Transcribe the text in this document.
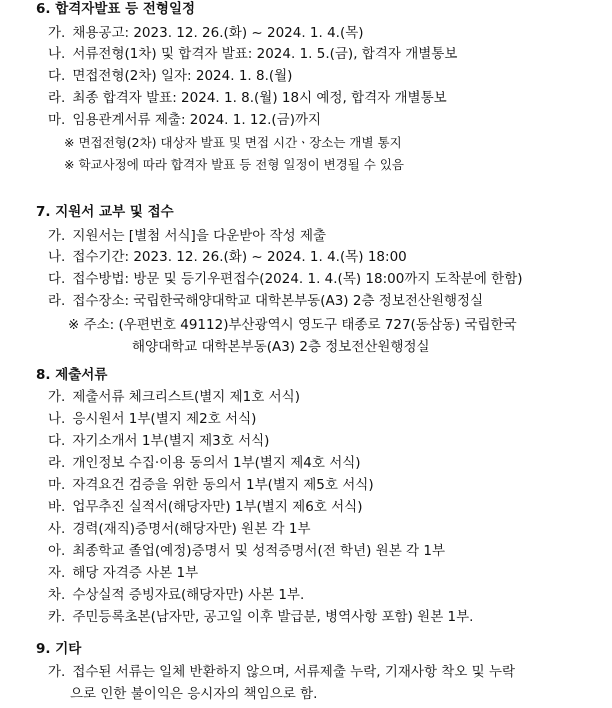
6. 합격자발표 등 전형일정
가. 채용공고: 2023. 12. 26.(화) ~ 2024. 1. 4.(목)
나. 서류전형(1차) 및 합격자 발표: 2024. 1. 5.(금), 합격자 개별통보
다. 면접전형(2차) 일자: 2024. 1. 8.(월)
라. 최종 합격자 발표: 2024. 1. 8.(월) 18시 예정, 합격자 개별통보
마. 임용관계서류 제출: 2024. 1. 12.(금)까지
※ 면접전형(2차) 대상자 발표 및 면접 시간ㆍ장소는 개별 통지
※ 학교사정에 따라 합격자 발표 등 전형 일정이 변경될 수 있음
7. 지원서 교부 및 접수
가. 지원서는 [별첨 서식]을 다운받아 작성 제출
나. 접수기간: 2023. 12. 26.(화) ~ 2024. 1. 4.(목) 18:00
다. 접수방법: 방문 및 등기우편접수(2024. 1. 4.(목) 18:00까지 도착분에 한함)
라. 접수장소: 국립한국해양대학교 대학본부동(A3) 2층 정보전산원행정실
※ 주소: (우편번호 49112)부산광역시 영도구 태종로 727(동삼동) 국립한국
해양대학교 대학본부동(A3) 2층 정보전산원행정실
8. 제출서류
가. 제출서류 체크리스트(별지 제1호 서식)
나. 응시원서 1부(별지 제2호 서식)
다. 자기소개서 1부(별지 제3호 서식)
라. 개인정보 수집·이용 동의서 1부(별지 제4호 서식)
마. 자격요건 검증을 위한 동의서 1부(별지 제5호 서식)
바. 업무추진 실적서(해당자만) 1부(별지 제6호 서식)
사. 경력(재직)증명서(해당자만) 원본 각 1부
아. 최종학교 졸업(예정)증명서 및 성적증명서(전 학년) 원본 각 1부
자. 해당 자격증 사본 1부
차. 수상실적 증빙자료(해당자만) 사본 1부.
카. 주민등록초본(남자만, 공고일 이후 발급분, 병역사항 포함) 원본 1부.
9. 기타
가. 접수된 서류는 일체 반환하지 않으며, 서류제출 누락, 기재사항 착오 및 누락
으로 인한 불이익은 응시자의 책임으로 함.
